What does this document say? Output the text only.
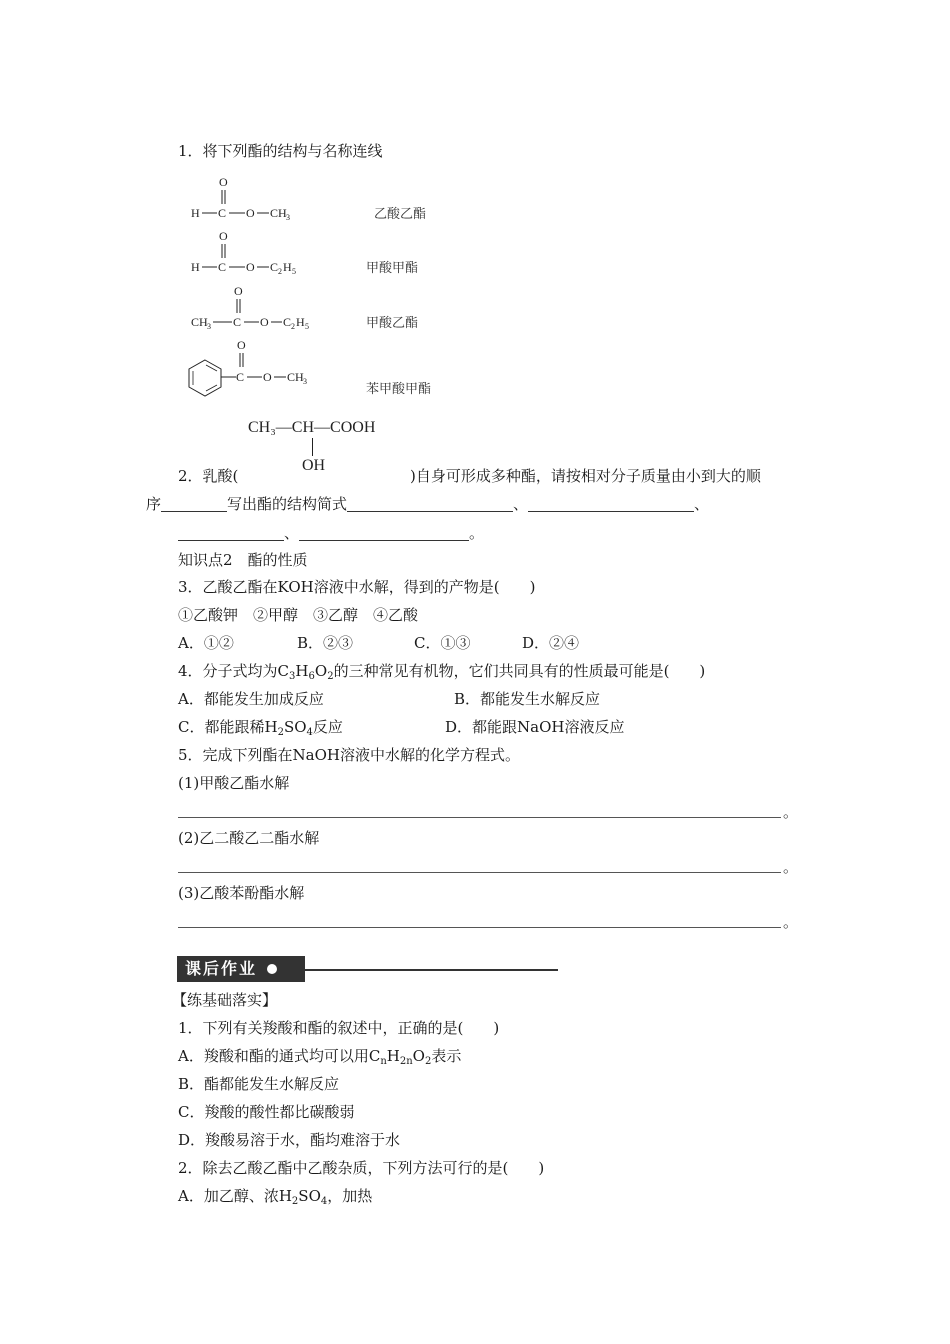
1．将下列酯的结构与名称连线
O
H C O CH 3
O
H C O C 2 H 5
O
CH 3 C O C 2 H 5
O
C O CH 3
乙酸乙酯
甲酸甲酯
甲酸乙酯
苯甲酸甲酯
CH₃—CH—COOH
OH
2．乳酸(	)自身可形成多种酯，请按相对分子质量由小到大的顺
序	写出酯的结构简式	、	、
、	。
知识点2　酯的性质
3．乙酸乙酯在KOH溶液中水解，得到的产物是(　　)
①乙酸钾　②甲醇　③乙醇　④乙酸
A．①②	B．②③	C．①③	D．②④
4．分子式均为$C_3H_6O_2$的三种常见有机物，它们共同具有的性质最可能是(　　)
A．都能发生加成反应	B．都能发生水解反应
C．都能跟稀$H_2SO_4$反应	D．都能跟NaOH溶液反应
5．完成下列酯在NaOH溶液中水解的化学方程式。
(1)甲酸乙酯水解
。
(2)乙二酸乙二酯水解
。
(3)乙酸苯酚酯水解
。
课后作业
【练基础落实】
1．下列有关羧酸和酯的叙述中，正确的是(　　)
A．羧酸和酯的通式均可以用$C_nH_{2n}O_2$表示
B．酯都能发生水解反应
C．羧酸的酸性都比碳酸弱
D．羧酸易溶于水，酯均难溶于水
2．除去乙酸乙酯中乙酸杂质，下列方法可行的是(　　)
A．加乙醇、浓$H_2SO_4$，加热
